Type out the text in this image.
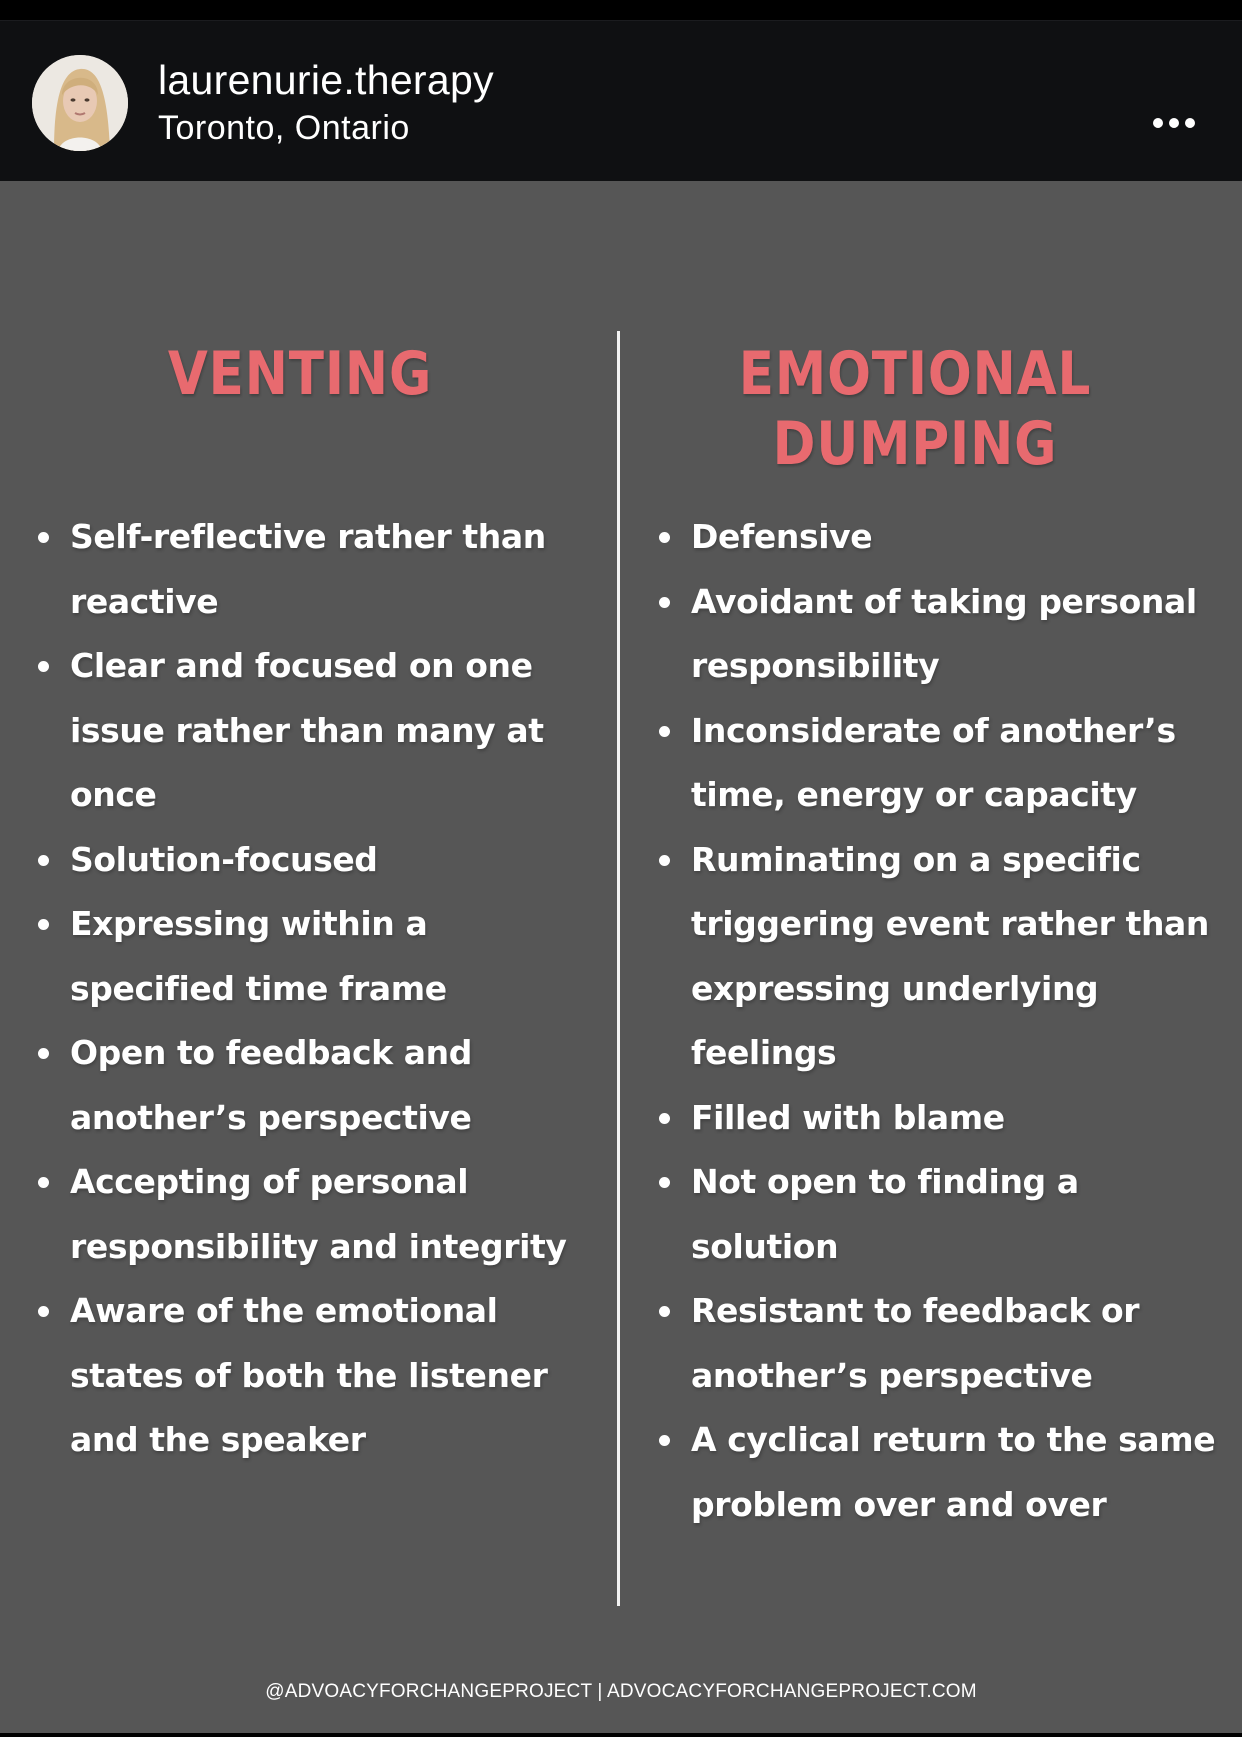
laurenurie.therapy
Toronto, Ontario
VENTING	EMOTIONAL
DUMPING
Self-reflective rather than reactive
Clear and focused on one issue rather than many at once
Solution-focused
Expressing within a specified time frame
Open to feedback and another’s perspective
Accepting of personal responsibility and integrity
Aware of the emotional states of both the listener and the speaker
Defensive
Avoidant of taking personal responsibility
Inconsiderate of another’s time, energy or capacity
Ruminating on a specific triggering event rather than expressing underlying feelings
Filled with blame
Not open to finding a solution
Resistant to feedback or another’s perspective
A cyclical return to the same problem over and over
@ADVOACYFORCHANGEPROJECT | ADVOCACYFORCHANGEPROJECT.COM
